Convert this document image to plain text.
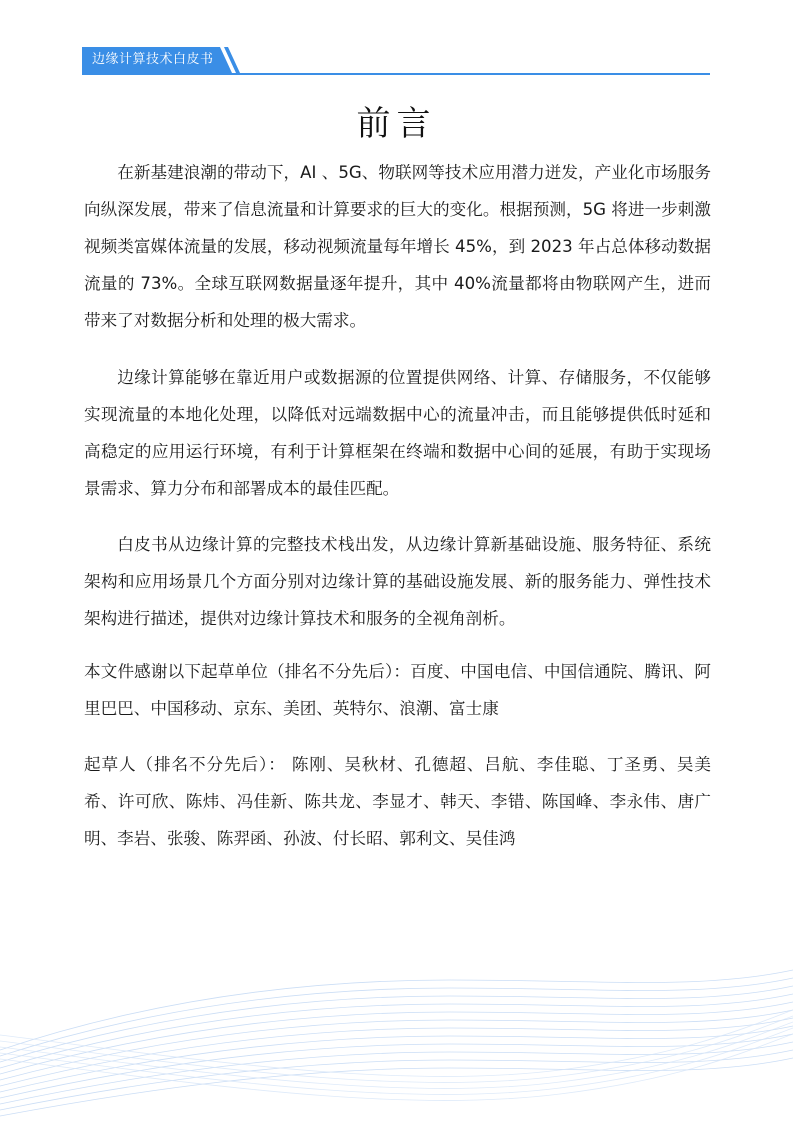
边缘计算技术白皮书
前言

在新基建浪潮的带动下，AI 、5G、物联网等技术应用潜力迸发，产业化市场服务向纵深发展，带来了信息流量和计算要求的巨大的变化。根据预测，5G 将进一步刺激视频类富媒体流量的发展，移动视频流量每年增长 45%，到 2023 年占总体移动数据流量的 73%。全球互联网数据量逐年提升，其中 40%流量都将由物联网产生，进而带来了对数据分析和处理的极大需求。

边缘计算能够在靠近用户或数据源的位置提供网络、计算、存储服务，不仅能够实现流量的本地化处理，以降低对远端数据中心的流量冲击，而且能够提供低时延和高稳定的应用运行环境，有利于计算框架在终端和数据中心间的延展，有助于实现场景需求、算力分布和部署成本的最佳匹配。

白皮书从边缘计算的完整技术栈出发，从边缘计算新基础设施、服务特征、系统架构和应用场景几个方面分别对边缘计算的基础设施发展、新的服务能力、弹性技术架构进行描述，提供对边缘计算技术和服务的全视角剖析。

本文件感谢以下起草单位（排名不分先后）：百度、中国电信、中国信通院、腾讯、阿里巴巴、中国移动、京东、美团、英特尔、浪潮、富士康

起草人（排名不分先后）： 陈刚、吴秋材、孔德超、吕航、李佳聪、丁圣勇、吴美希、许可欣、陈炜、冯佳新、陈共龙、李显才、韩天、李错、陈国峰、李永伟、唐广明、李岩、张骏、陈羿函、孙波、付长昭、郭利文、吴佳鸿
